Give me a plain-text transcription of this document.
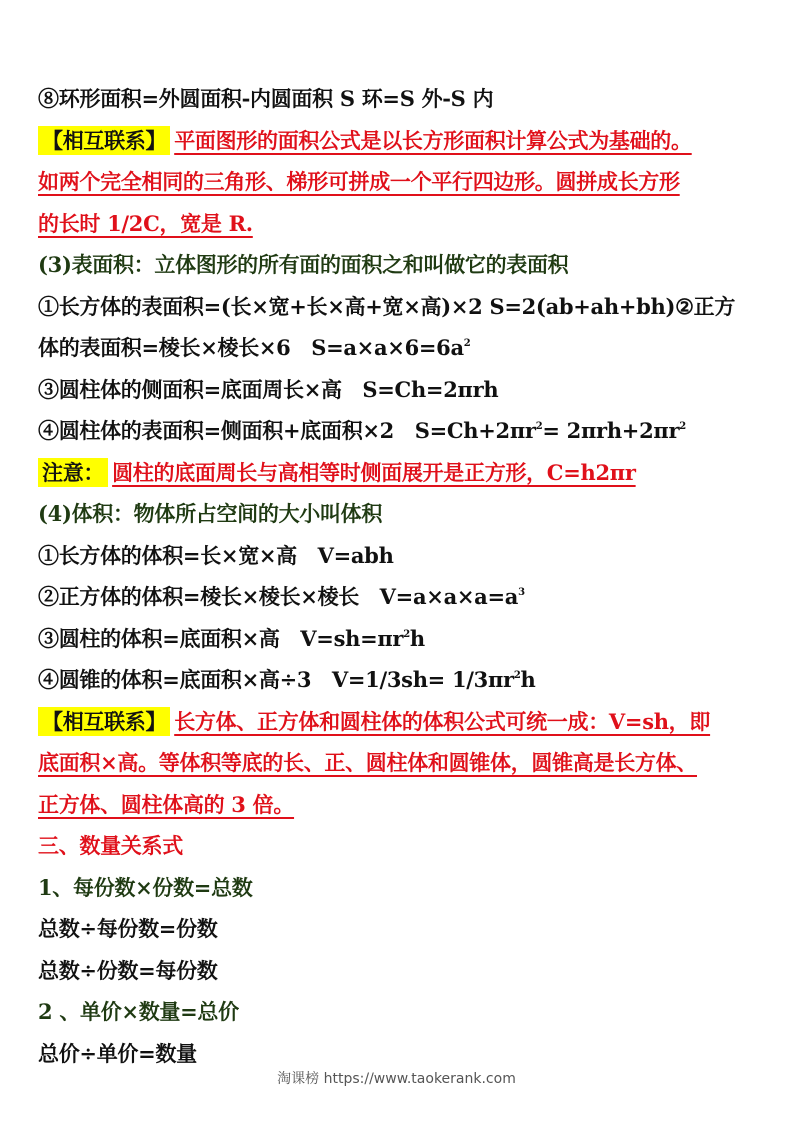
⑧环形面积=外圆面积-内圆面积 S 环=S 外-S 内
【相互联系】 平面图形的面积公式是以长方形面积计算公式为基础的。
如两个完全相同的三角形、梯形可拼成一个平行四边形。圆拼成长方形
的长时 1/2C，宽是 R.
(3)表面积：立体图形的所有面的面积之和叫做它的表面积
①长方体的表面积=(长×宽+长×高+宽×高)×2 S=2(ab+ah+bh)②正方
体的表面积=棱长×棱长×6　$S=a\times a\times 6=6a^2$
③圆柱体的侧面积=底面周长×高　S=Ch=2πrh
④圆柱体的表面积=侧面积+底面积×2　$S=Ch+2\pi r^2= 2\pi rh+2\pi r^2$
注意： 圆柱的底面周长与高相等时侧面展开是正方形，C=h2πr
(4)体积：物体所占空间的大小叫体积
①长方体的体积=长×宽×高　V=abh
②正方体的体积=棱长×棱长×棱长　$V=a\times a\times a=a^3$
③圆柱的体积=底面积×高　$V=sh=\pi r^2h$
④圆锥的体积=底面积×高÷3　$V=1/3sh= 1/3\pi r^2h$
【相互联系】 长方体、正方体和圆柱体的体积公式可统一成：V=sh，即
底面积×高。等体积等底的长、正、圆柱体和圆锥体，圆锥高是长方体、
正方体、圆柱体高的 3 倍。
三、数量关系式
1、每份数×份数=总数
总数÷每份数=份数
总数÷份数=每份数
2 、单价×数量=总价
总价÷单价=数量
淘课榜 https://www.taokerank.com
